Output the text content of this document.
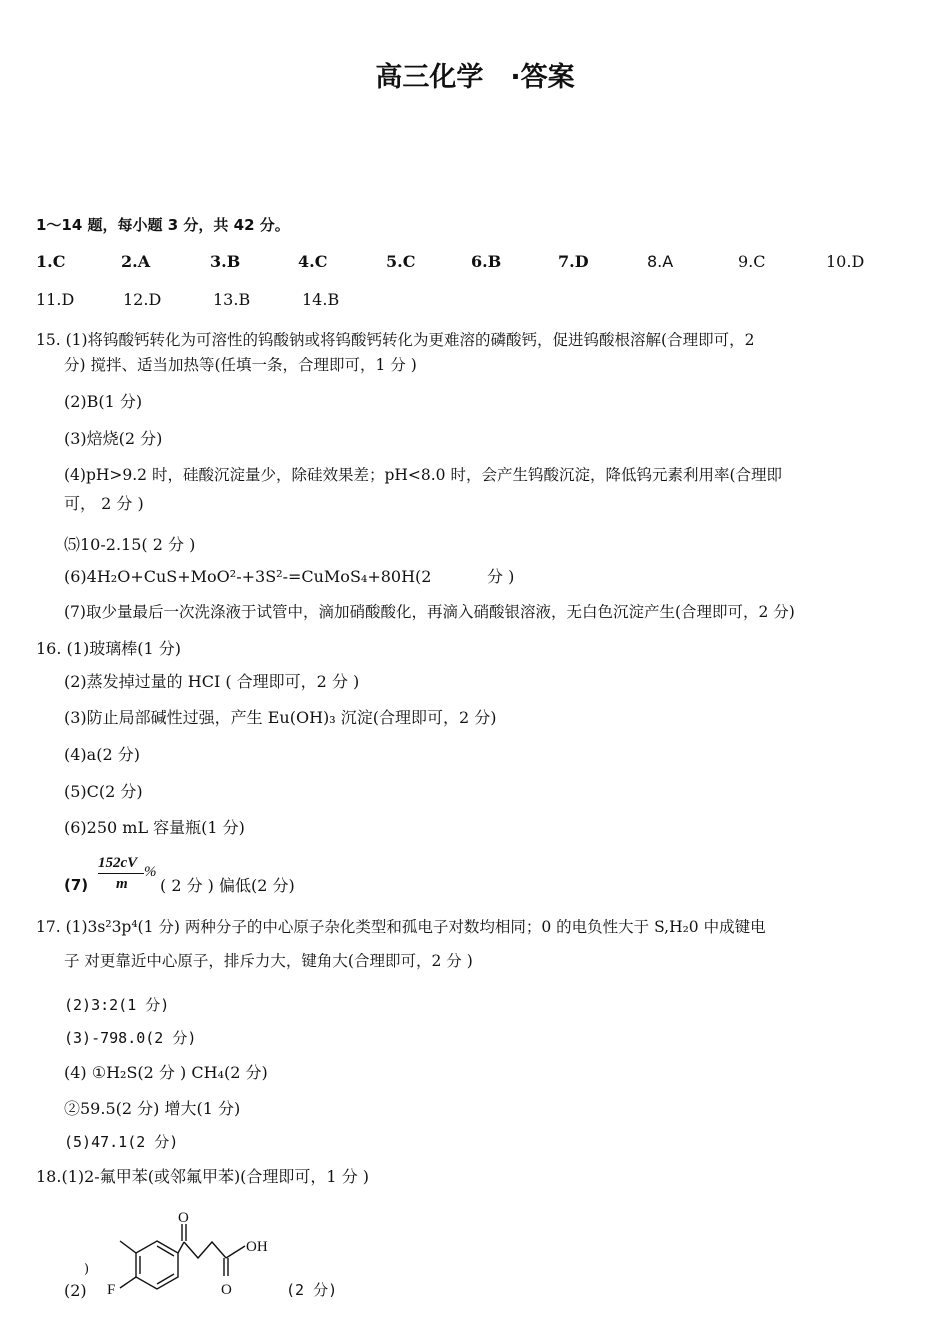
高三化学　·答案
1～14 题，每小题 3 分，共 42 分。
1.C	2.A	3.B	4.C	5.C	6.B	7.D	8.A	9.C	10.D
11.D	12.D	13.B	14.B
15. (1)将钨酸钙转化为可溶性的钨酸钠或将钨酸钙转化为更难溶的磷酸钙，促进钨酸根溶解(合理即可，2
分) 搅拌、适当加热等(任填一条，合理即可，1 分 )
(2)B(1 分)
(3)焙烧(2 分)
(4)pH>9.2 时，硅酸沉淀量少，除硅效果差；pH<8.0 时，会产生钨酸沉淀，降低钨元素利用率(合理即
可， 2 分 )
⑸10-2.15( 2 分 )
(6)4H₂O+CuS+MoO²-+3S²-=CuMoS₄+80H(2	分 )
(7)取少量最后一次洗涤液于试管中，滴加硝酸酸化，再滴入硝酸银溶液，无白色沉淀产生(合理即可，2 分)
16. (1)玻璃棒(1 分)
(2)蒸发掉过量的 HCI ( 合理即可，2 分 )
(3)防止局部碱性过强，产生 Eu(OH)₃ 沉淀(合理即可，2 分)
(4)a(2 分)
(5)C(2 分)
(6)250 mL 容量瓶(1 分)
(7)
152cV
%
m ( 2 分 ) 偏低(2 分)
17. (1)3s²3p⁴(1 分) 两种分子的中心原子杂化类型和孤电子对数均相同；0 的电负性大于 S,H₂0 中成键电
子 对更靠近中心原子，排斥力大，键角大(合理即可，2 分 )
(2)3:2(1 分)
(3)-798.0(2 分)
(4) ①H₂S(2 分 ) CH₄(2 分)
②59.5(2 分) 增大(1 分)
(5)47.1(2 分)
18.(1)2-氟甲苯(或邻氟甲苯)(合理即可，1 分 )
)
(2)	(2 分)
O
OH
O
F
